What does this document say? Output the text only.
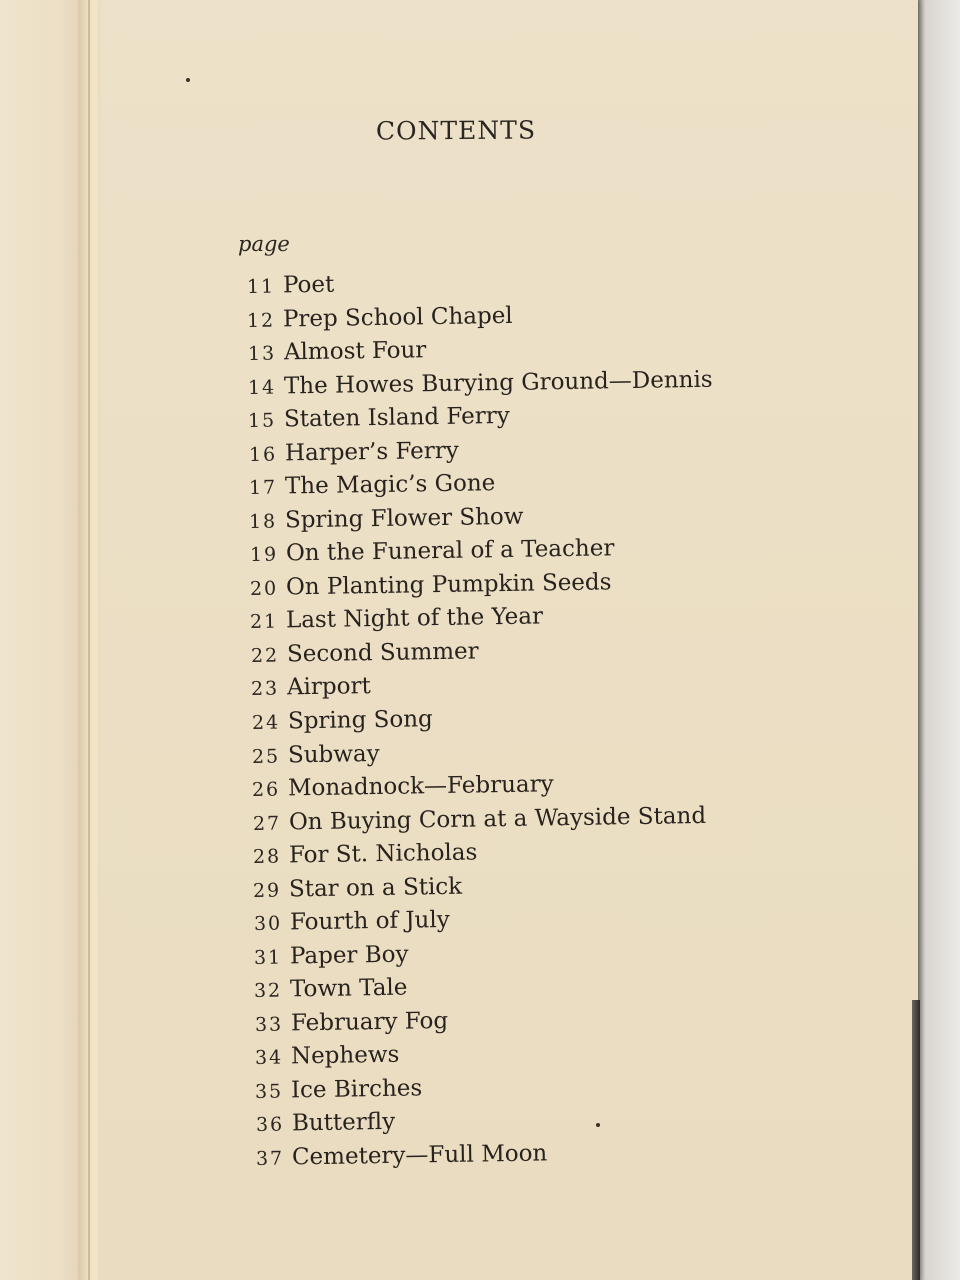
CONTENTS
page
11 Poet
12 Prep School Chapel
13 Almost Four
14 The Howes Burying Ground—Dennis
15 Staten Island Ferry
16 Harper’s Ferry
17 The Magic’s Gone
18 Spring Flower Show
19 On the Funeral of a Teacher
20 On Planting Pumpkin Seeds
21 Last Night of the Year
22 Second Summer
23 Airport
24 Spring Song
25 Subway
26 Monadnock—February
27 On Buying Corn at a Wayside Stand
28 For St. Nicholas
29 Star on a Stick
30 Fourth of July
31 Paper Boy
32 Town Tale
33 February Fog
34 Nephews
35 Ice Birches
36 Butterfly
37 Cemetery—Full Moon
